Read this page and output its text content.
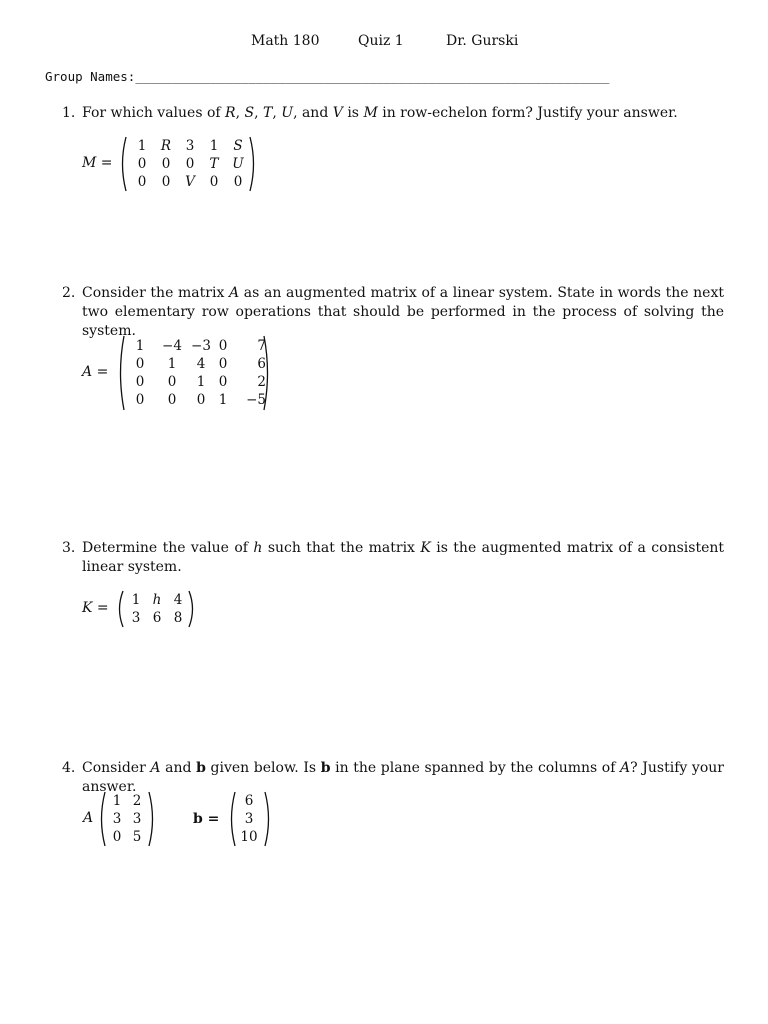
Math 180	Quiz 1	Dr. Gurski
Group Names:_______________________________________________________________
1. For which values of R, S, T, U, and V is M in row-echelon form? Justify your answer.
M =
1	R	3	1	S
0	0	0	T	U
0	0	V	0	0
2. Consider the matrix A as an augmented matrix of a linear system. State in words the next two elementary row operations that should be performed in the process of solving the system.
A =
1	−4	−3	0	7
0	1	4	0	6
0	0	1	0	2
0	0	0	1	−5
3. Determine the value of h such that the matrix K is the augmented matrix of a consistent linear system.
K = 1	h	4
3	6	8
4. Consider A and b given below. Is b in the plane spanned by the columns of A? Justify your answer.
A
1	2
3	3
0	5
b =
6
3
10
